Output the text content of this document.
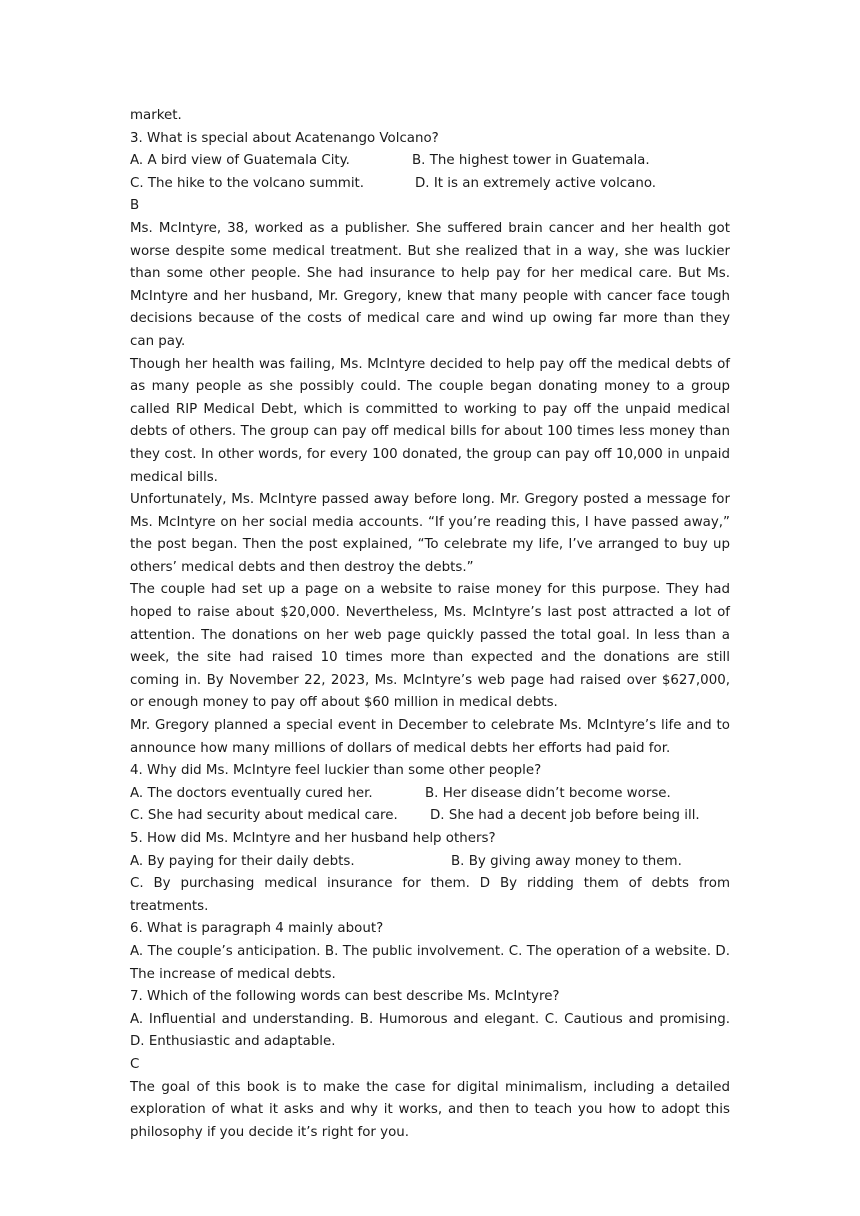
market.

3. What is special about Acatenango Volcano?

A. A bird view of Guatemala City.	B. The highest tower in Guatemala.
C. The hike to the volcano summit.	D. It is an extremely active volcano.

B

Ms. McIntyre, 38, worked as a publisher. She suffered brain cancer and her health got worse despite some medical treatment. But she realized that in a way, she was luckier than some other people. She had insurance to help pay for her medical care. But Ms. McIntyre and her husband, Mr. Gregory, knew that many people with cancer face tough decisions because of the costs of medical care and wind up owing far more than they can pay.

Though her health was failing, Ms. McIntyre decided to help pay off the medical debts of as many people as she possibly could. The couple began donating money to a group called RIP Medical Debt, which is committed to working to pay off the unpaid medical debts of others. The group can pay off medical bills for about 100 times less money than they cost. In other words, for every 100 donated, the group can pay off 10,000 in unpaid medical bills.

Unfortunately, Ms. McIntyre passed away before long. Mr. Gregory posted a message for Ms. McIntyre on her social media accounts. “If you’re reading this, I have passed away,” the post began. Then the post explained, “To celebrate my life, I’ve arranged to buy up others’ medical debts and then destroy the debts.”

The couple had set up a page on a website to raise money for this purpose. They had hoped to raise about $20,000. Nevertheless, Ms. McIntyre’s last post attracted a lot of attention. The donations on her web page quickly passed the total goal. In less than a week, the site had raised 10 times more than expected and the donations are still coming in. By November 22, 2023, Ms. McIntyre’s web page had raised over $627,000, or enough money to pay off about $60 million in medical debts.

Mr. Gregory planned a special event in December to celebrate Ms. McIntyre’s life and to announce how many millions of dollars of medical debts her efforts had paid for.

4. Why did Ms. McIntyre feel luckier than some other people?

A. The doctors eventually cured her.	B. Her disease didn’t become worse.
C. She had security about medical care.	D. She had a decent job before being ill.

5. How did Ms. McIntyre and her husband help others?

A. By paying for their daily debts.	B. By giving away money to them.

C. By purchasing medical insurance for them. D By ridding them of debts from treatments.

6. What is paragraph 4 mainly about?

A. The couple’s anticipation. B. The public involvement. C. The operation of a website. D. The increase of medical debts.

7. Which of the following words can best describe Ms. McIntyre?

A. Influential and understanding. B. Humorous and elegant. C. Cautious and promising. D. Enthusiastic and adaptable.

C

The goal of this book is to make the case for digital minimalism, including a detailed exploration of what it asks and why it works, and then to teach you how to adopt this philosophy if you decide it’s right for you.
